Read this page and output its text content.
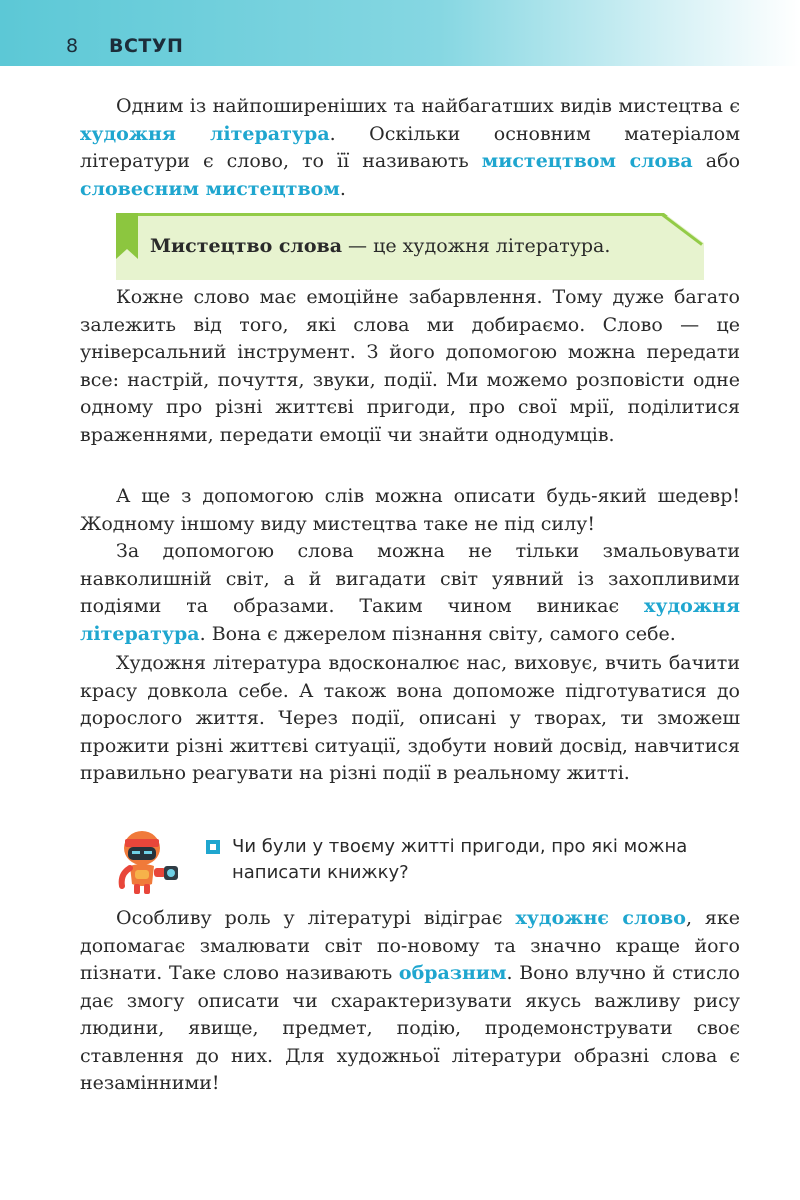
8 ВСТУП

Одним із найпоширеніших та найбагатших видів мистецтва є художня література. Оскільки основним матеріалом літератури є слово, то її називають мистецтвом слова або словесним мистецтвом.

Мистецтво слова — це художня література.

Кожне слово має емоційне забарвлення. Тому дуже багато залежить від того, які слова ми добираємо. Слово — це універсальний інструмент. З його допомогою можна передати все: настрій, почуття, звуки, події. Ми можемо розповісти одне одному про різні життєві пригоди, про свої мрії, поділитися враженнями, передати емоції чи знайти однодумців.

А ще з допомогою слів можна описати будь-який шедевр! Жодному іншому виду мистецтва таке не під силу!

За допомогою слова можна не тільки змальовувати навколишній світ, а й вигадати світ уявний із захопливими подіями та образами. Таким чином виникає художня література. Вона є джерелом пізнання світу, самого себе.

Художня література вдосконалює нас, виховує, вчить бачити красу довкола себе. А також вона допоможе підготуватися до дорослого життя. Через події, описані у творах, ти зможеш прожити різні життєві ситуації, здобути новий досвід, навчитися правильно реагувати на різні події в реальному житті.

Чи були у твоєму житті пригоди, про які можна написати книжку?

Особливу роль у літературі відіграє художнє слово, яке допомагає змалювати світ по-новому та значно краще його пізнати. Таке слово називають образним. Воно влучно й стисло дає змогу описати чи схарактеризувати якусь важливу рису людини, явище, предмет, подію, продемонструвати своє ставлення до них. Для художньої літератури образні слова є незамінними!
